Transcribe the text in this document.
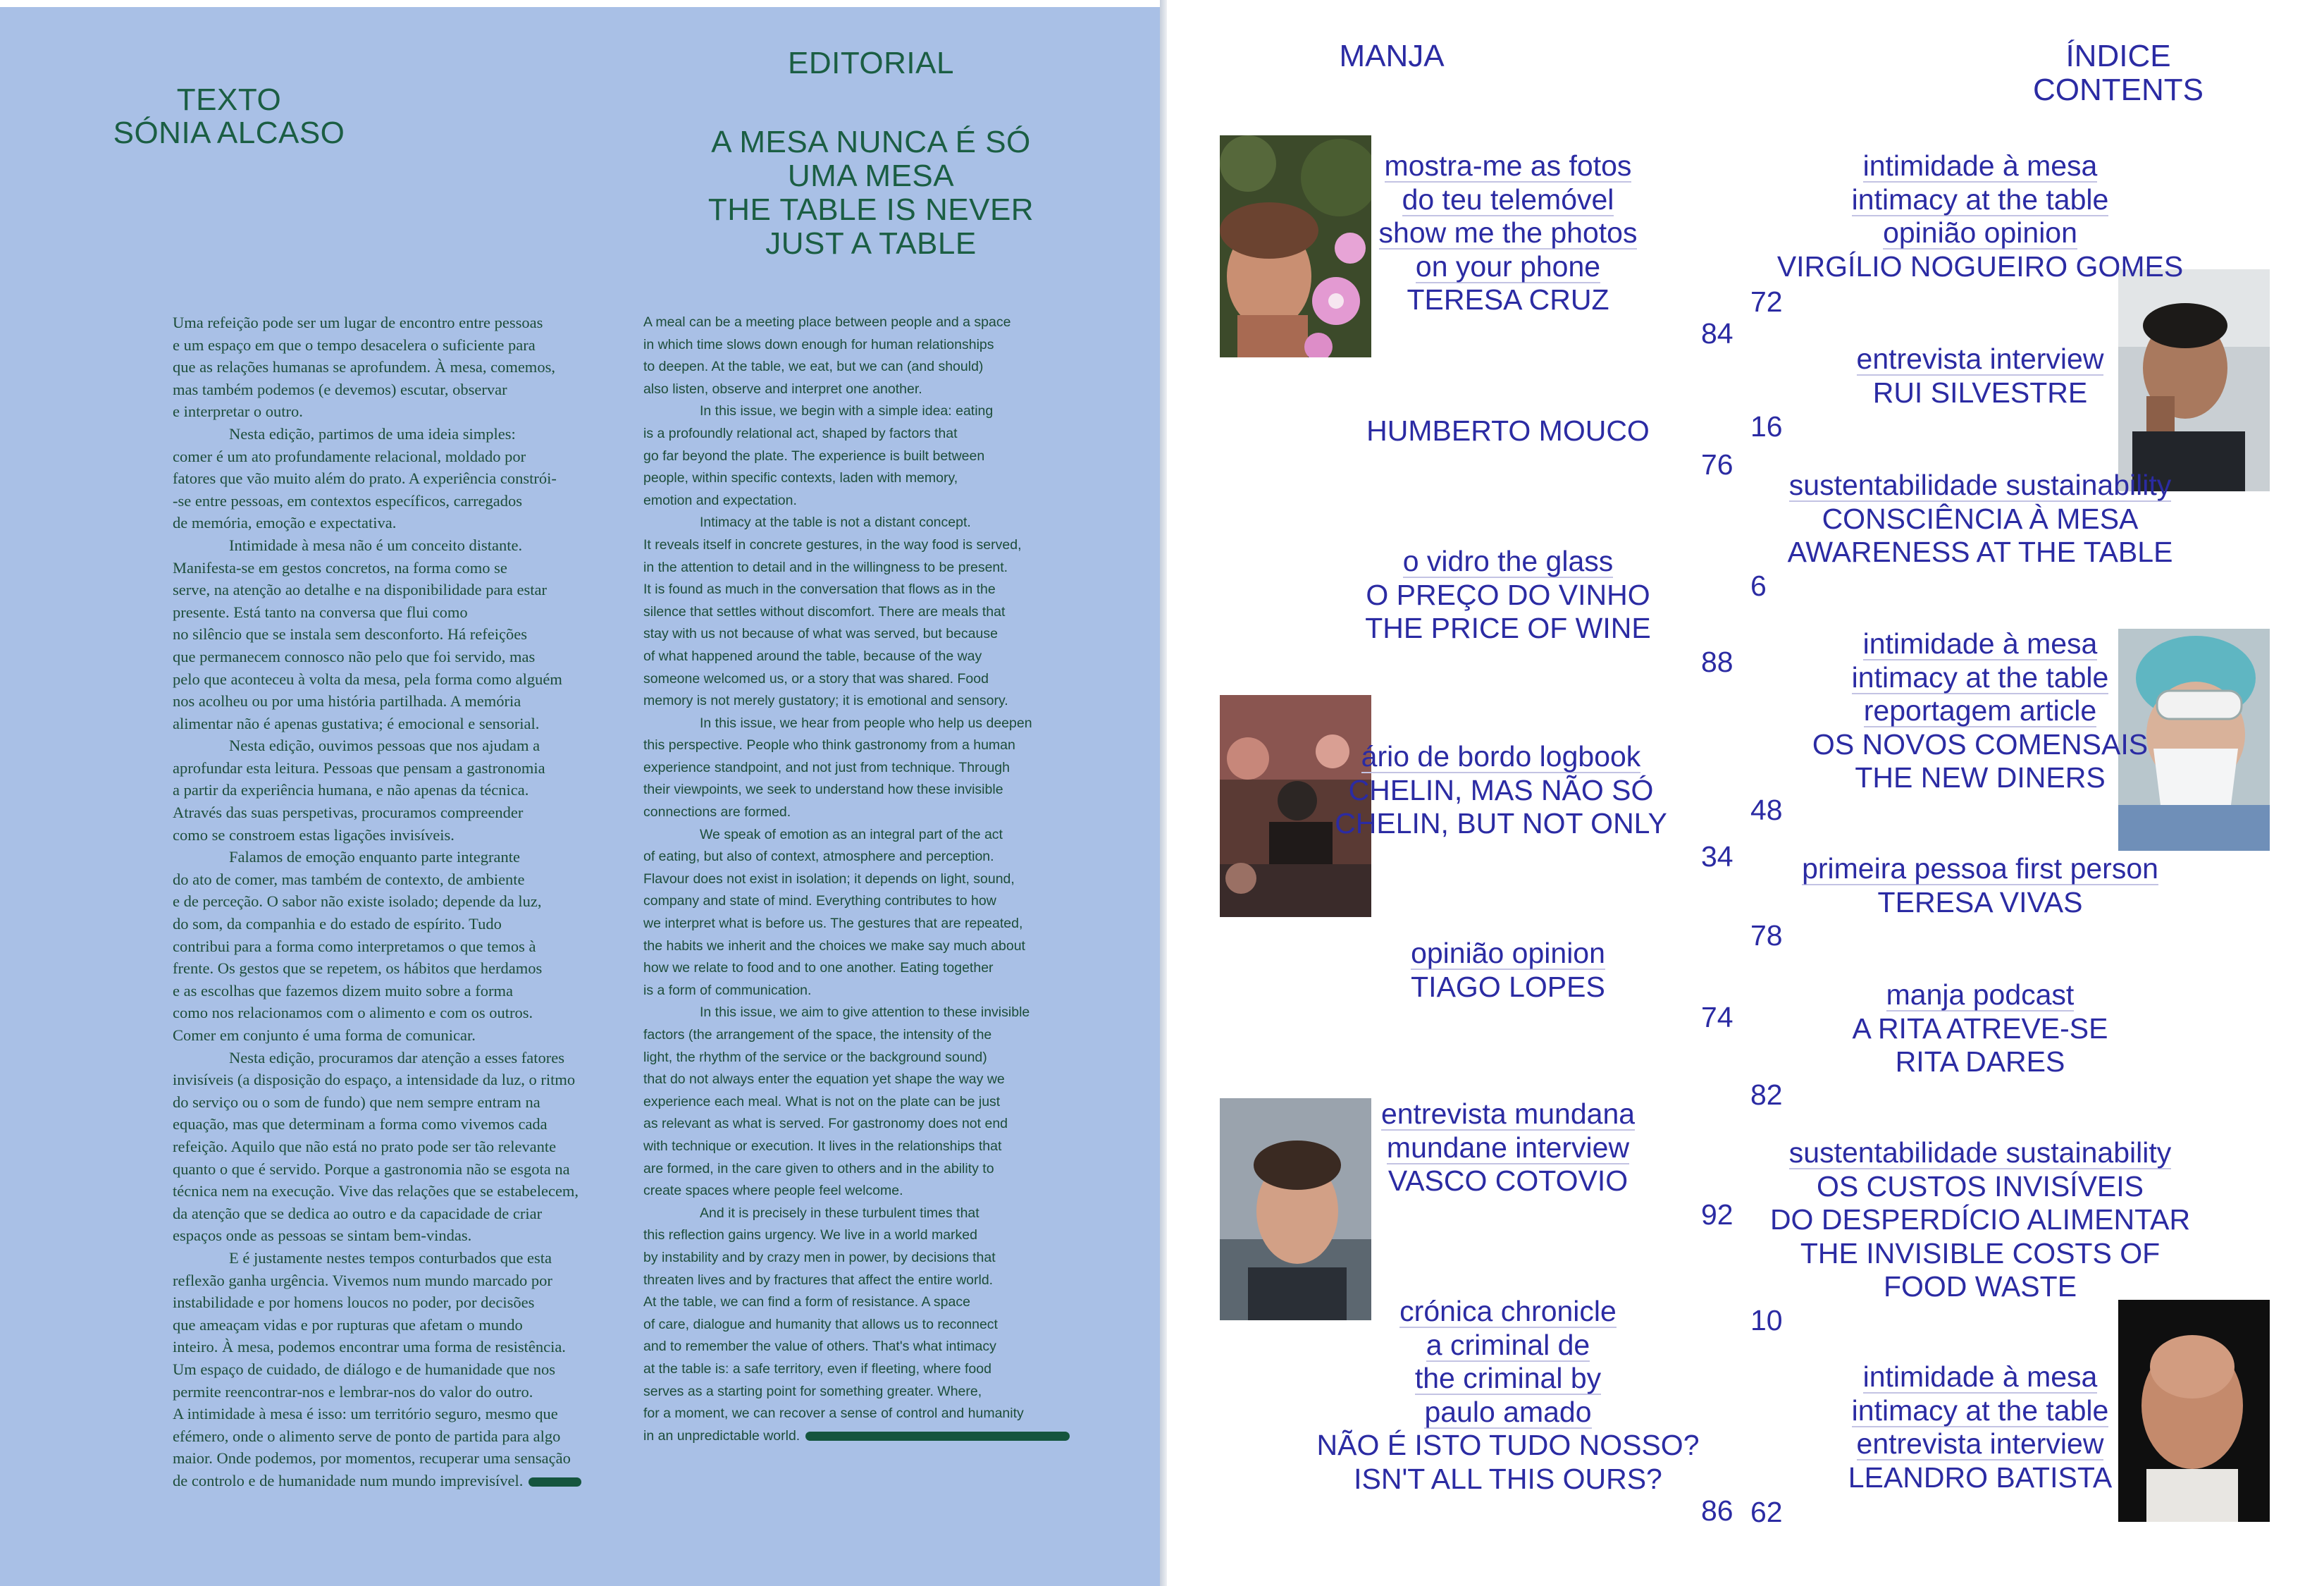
TEXTO
SÓNIA ALCASO
EDITORIAL
A MESA NUNCA É SÓ
UMA MESA
THE TABLE IS NEVER
JUST A TABLE
Uma refeição pode ser um lugar de encontro entre pessoas
e um espaço em que o tempo desacelera o suficiente para
que as relações humanas se aprofundem. À mesa, comemos,
mas também podemos (e devemos) escutar, observar
e interpretar o outro.
Nesta edição, partimos de uma ideia simples:
comer é um ato profundamente relacional, moldado por
fatores que vão muito além do prato. A experiência constrói-
-se entre pessoas, em contextos específicos, carregados
de memória, emoção e expectativa.
Intimidade à mesa não é um conceito distante.
Manifesta-se em gestos concretos, na forma como se
serve, na atenção ao detalhe e na disponibilidade para estar
presente. Está tanto na conversa que flui como
no silêncio que se instala sem desconforto. Há refeições
que permanecem connosco não pelo que foi servido, mas
pelo que aconteceu à volta da mesa, pela forma como alguém
nos acolheu ou por uma história partilhada. A memória
alimentar não é apenas gustativa; é emocional e sensorial.
Nesta edição, ouvimos pessoas que nos ajudam a
aprofundar esta leitura. Pessoas que pensam a gastronomia
a partir da experiência humana, e não apenas da técnica.
Através das suas perspetivas, procuramos compreender
como se constroem estas ligações invisíveis.
Falamos de emoção enquanto parte integrante
do ato de comer, mas também de contexto, de ambiente
e de perceção. O sabor não existe isolado; depende da luz,
do som, da companhia e do estado de espírito. Tudo
contribui para a forma como interpretamos o que temos à
frente. Os gestos que se repetem, os hábitos que herdamos
e as escolhas que fazemos dizem muito sobre a forma
como nos relacionamos com o alimento e com os outros.
Comer em conjunto é uma forma de comunicar.
Nesta edição, procuramos dar atenção a esses fatores
invisíveis (a disposição do espaço, a intensidade da luz, o ritmo
do serviço ou o som de fundo) que nem sempre entram na
equação, mas que determinam a forma como vivemos cada
refeição. Aquilo que não está no prato pode ser tão relevante
quanto o que é servido. Porque a gastronomia não se esgota na
técnica nem na execução. Vive das relações que se estabelecem,
da atenção que se dedica ao outro e da capacidade de criar
espaços onde as pessoas se sintam bem-vindas.
E é justamente nestes tempos conturbados que esta
reflexão ganha urgência. Vivemos num mundo marcado por
instabilidade e por homens loucos no poder, por decisões
que ameaçam vidas e por rupturas que afetam o mundo
inteiro. À mesa, podemos encontrar uma forma de resistência.
Um espaço de cuidado, de diálogo e de humanidade que nos
permite reencontrar-nos e lembrar-nos do valor do outro.
A intimidade à mesa é isso: um território seguro, mesmo que
efémero, onde o alimento serve de ponto de partida para algo
maior. Onde podemos, por momentos, recuperar uma sensação
de controlo e de humanidade num mundo imprevisível.
A meal can be a meeting place between people and a space
in which time slows down enough for human relationships
to deepen. At the table, we eat, but we can (and should)
also listen, observe and interpret one another.
In this issue, we begin with a simple idea: eating
is a profoundly relational act, shaped by factors that
go far beyond the plate. The experience is built between
people, within specific contexts, laden with memory,
emotion and expectation.
Intimacy at the table is not a distant concept.
It reveals itself in concrete gestures, in the way food is served,
in the attention to detail and in the willingness to be present.
It is found as much in the conversation that flows as in the
silence that settles without discomfort. There are meals that
stay with us not because of what was served, but because
of what happened around the table, because of the way
someone welcomed us, or a story that was shared. Food
memory is not merely gustatory; it is emotional and sensory.
In this issue, we hear from people who help us deepen
this perspective. People who think gastronomy from a human
experience standpoint, and not just from technique. Through
their viewpoints, we seek to understand how these invisible
connections are formed.
We speak of emotion as an integral part of the act
of eating, but also of context, atmosphere and perception.
Flavour does not exist in isolation; it depends on light, sound,
company and state of mind. Everything contributes to how
we interpret what is before us. The gestures that are repeated,
the habits we inherit and the choices we make say much about
how we relate to food and to one another. Eating together
is a form of communication.
In this issue, we aim to give attention to these invisible
factors (the arrangement of the space, the intensity of the
light, the rhythm of the service or the background sound)
that do not always enter the equation yet shape the way we
experience each meal. What is not on the plate can be just
as relevant as what is served. For gastronomy does not end
with technique or execution. It lives in the relationships that
are formed, in the care given to others and in the ability to
create spaces where people feel welcome.
And it is precisely in these turbulent times that
this reflection gains urgency. We live in a world marked
by instability and by crazy men in power, by decisions that
threaten lives and by fractures that affect the entire world.
At the table, we can find a form of resistance. A space
of care, dialogue and humanity that allows us to reconnect
and to remember the value of others. That's what intimacy
at the table is: a safe territory, even if fleeting, where food
serves as a starting point for something greater. Where,
for a moment, we can recover a sense of control and humanity
in an unpredictable world.
MANJA	ÍNDICE
CONTENTS
mostra-me as fotos
do teu telemóvel
show me the photos
on your phone
TERESA CRUZ
84
HUMBERTO MOUCO
76
o vidro the glass
O PREÇO DO VINHO
THE PRICE OF WINE
88
ário de bordo logbook
CHELIN, MAS NÃO SÓ
CHELIN, BUT NOT ONLY
34
opinião opinion
TIAGO LOPES
74
entrevista mundana
mundane interview
VASCO COTOVIO
92
crónica chronicle
a criminal de
the criminal by
paulo amado
NÃO É ISTO TUDO NOSSO?
ISN'T ALL THIS OURS?
86
intimidade à mesa
intimacy at the table
opinião opinion
VIRGÍLIO NOGUEIRO GOMES
72
entrevista interview
RUI SILVESTRE
16
sustentabilidade sustainability
CONSCIÊNCIA À MESA
AWARENESS AT THE TABLE
6
intimidade à mesa
intimacy at the table
reportagem article
OS NOVOS COMENSAIS
THE NEW DINERS
48
primeira pessoa first person
TERESA VIVAS
78
manja podcast
A RITA ATREVE-SE
RITA DARES
82
sustentabilidade sustainability
OS CUSTOS INVISÍVEIS
DO DESPERDÍCIO ALIMENTAR
THE INVISIBLE COSTS OF
FOOD WASTE
10
intimidade à mesa
intimacy at the table
entrevista interview
LEANDRO BATISTA
62
